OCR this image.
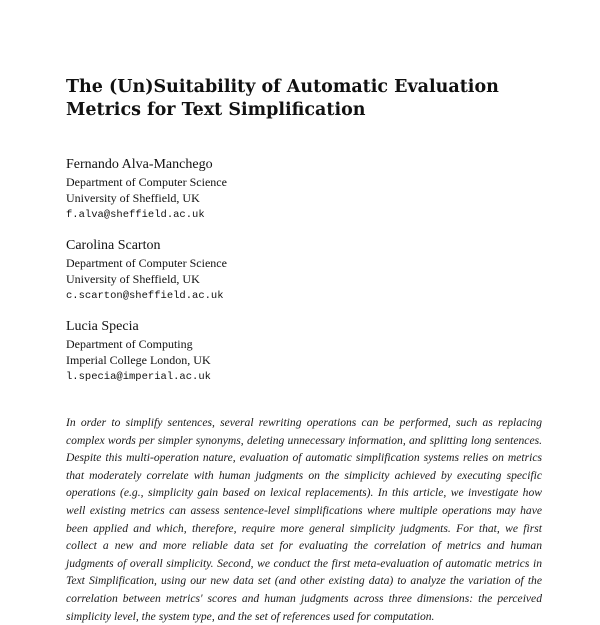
The (Un)Suitability of Automatic Evaluation Metrics for Text Simplification
Fernando Alva-Manchego
Department of Computer Science
University of Sheffield, UK
f.alva@sheffield.ac.uk
Carolina Scarton
Department of Computer Science
University of Sheffield, UK
c.scarton@sheffield.ac.uk
Lucia Specia
Department of Computing
Imperial College London, UK
l.specia@imperial.ac.uk
In order to simplify sentences, several rewriting operations can be performed, such as replacing complex words per simpler synonyms, deleting unnecessary information, and splitting long sentences. Despite this multi-operation nature, evaluation of automatic simplification systems relies on metrics that moderately correlate with human judgments on the simplicity achieved by executing specific operations (e.g., simplicity gain based on lexical replacements). In this article, we investigate how well existing metrics can assess sentence-level simplifications where multiple operations may have been applied and which, therefore, require more general simplicity judgments. For that, we first collect a new and more reliable data set for evaluating the correlation of metrics and human judgments of overall simplicity. Second, we conduct the first meta-evaluation of automatic metrics in Text Simplification, using our new data set (and other existing data) to analyze the variation of the correlation between metrics' scores and human judgments across three dimensions: the perceived simplicity level, the system type, and the set of references used for computation.
